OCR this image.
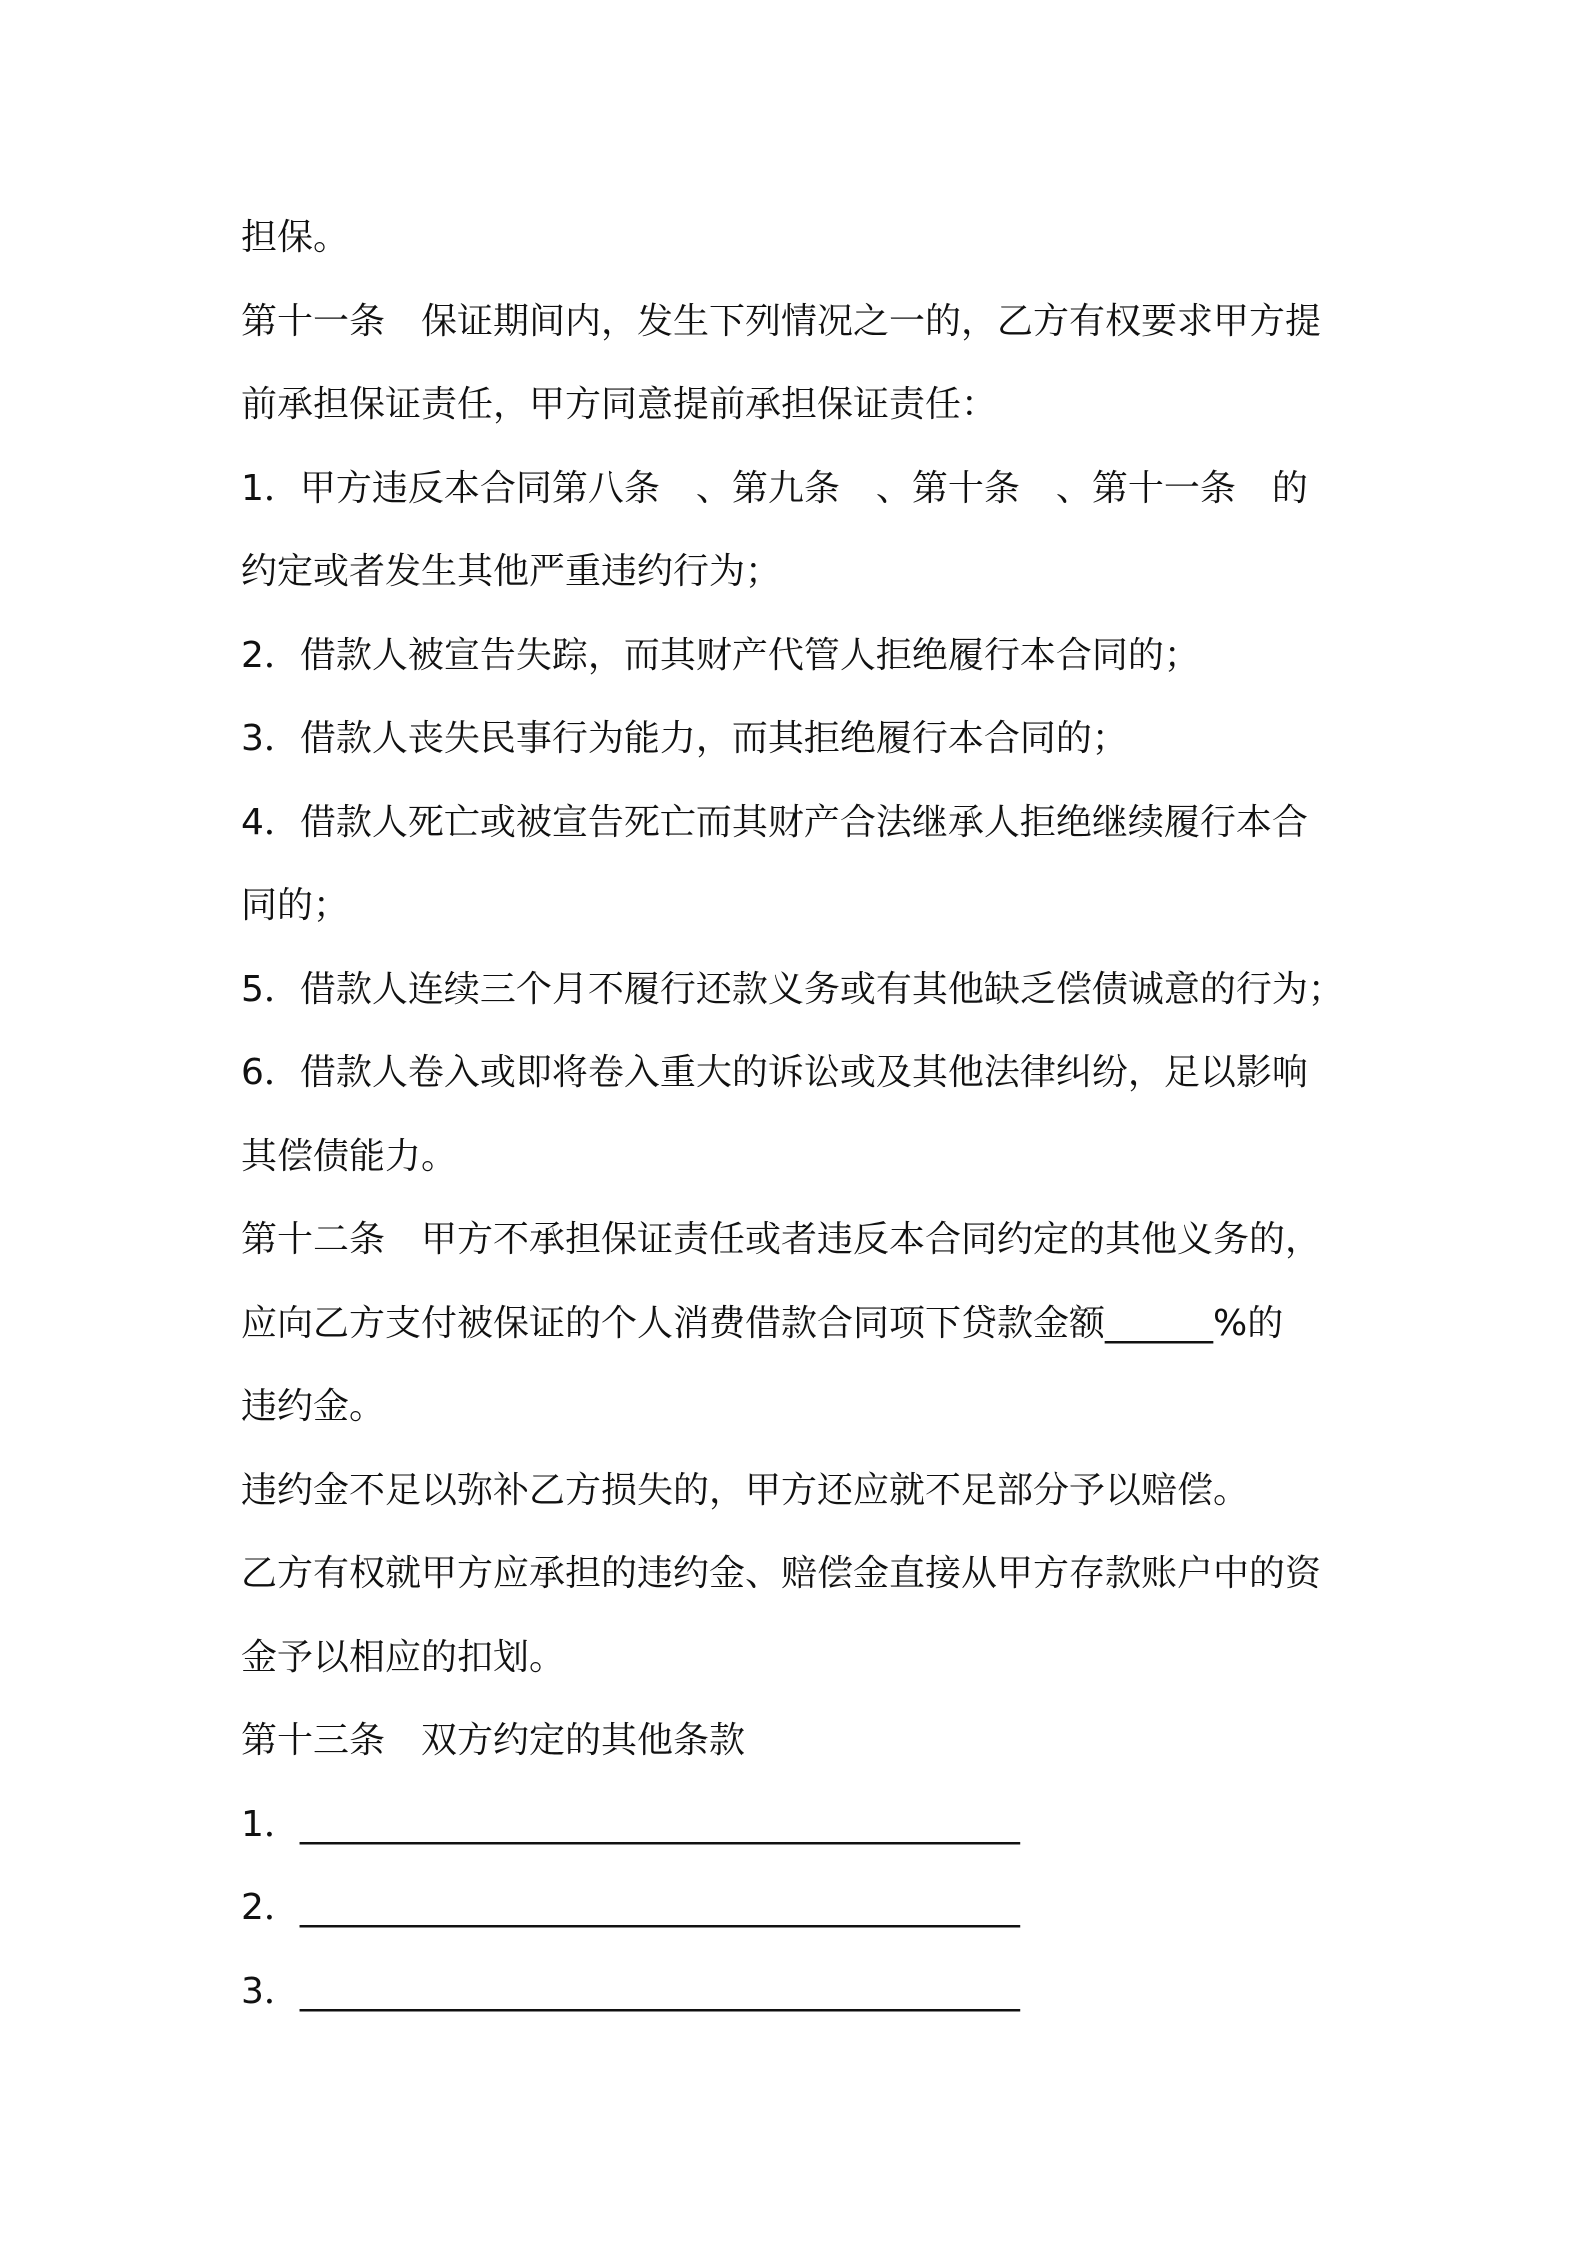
担保。
第十一条　保证期间内，发生下列情况之一的，乙方有权要求甲方提
前承担保证责任，甲方同意提前承担保证责任：
1．甲方违反本合同第八条　、第九条　、第十条　、第十一条　的
约定或者发生其他严重违约行为；
2．借款人被宣告失踪，而其财产代管人拒绝履行本合同的；
3．借款人丧失民事行为能力，而其拒绝履行本合同的；
4．借款人死亡或被宣告死亡而其财产合法继承人拒绝继续履行本合
同的；
5．借款人连续三个月不履行还款义务或有其他缺乏偿债诚意的行为；
6．借款人卷入或即将卷入重大的诉讼或及其他法律纠纷，足以影响
其偿债能力。
第十二条　甲方不承担保证责任或者违反本合同约定的其他义务的，
应向乙方支付被保证的个人消费借款合同项下贷款金额______%的
违约金。
违约金不足以弥补乙方损失的，甲方还应就不足部分予以赔偿。
乙方有权就甲方应承担的违约金、赔偿金直接从甲方存款账户中的资
金予以相应的扣划。
第十三条　双方约定的其他条款
1．________________________________________
2．________________________________________
3．________________________________________
